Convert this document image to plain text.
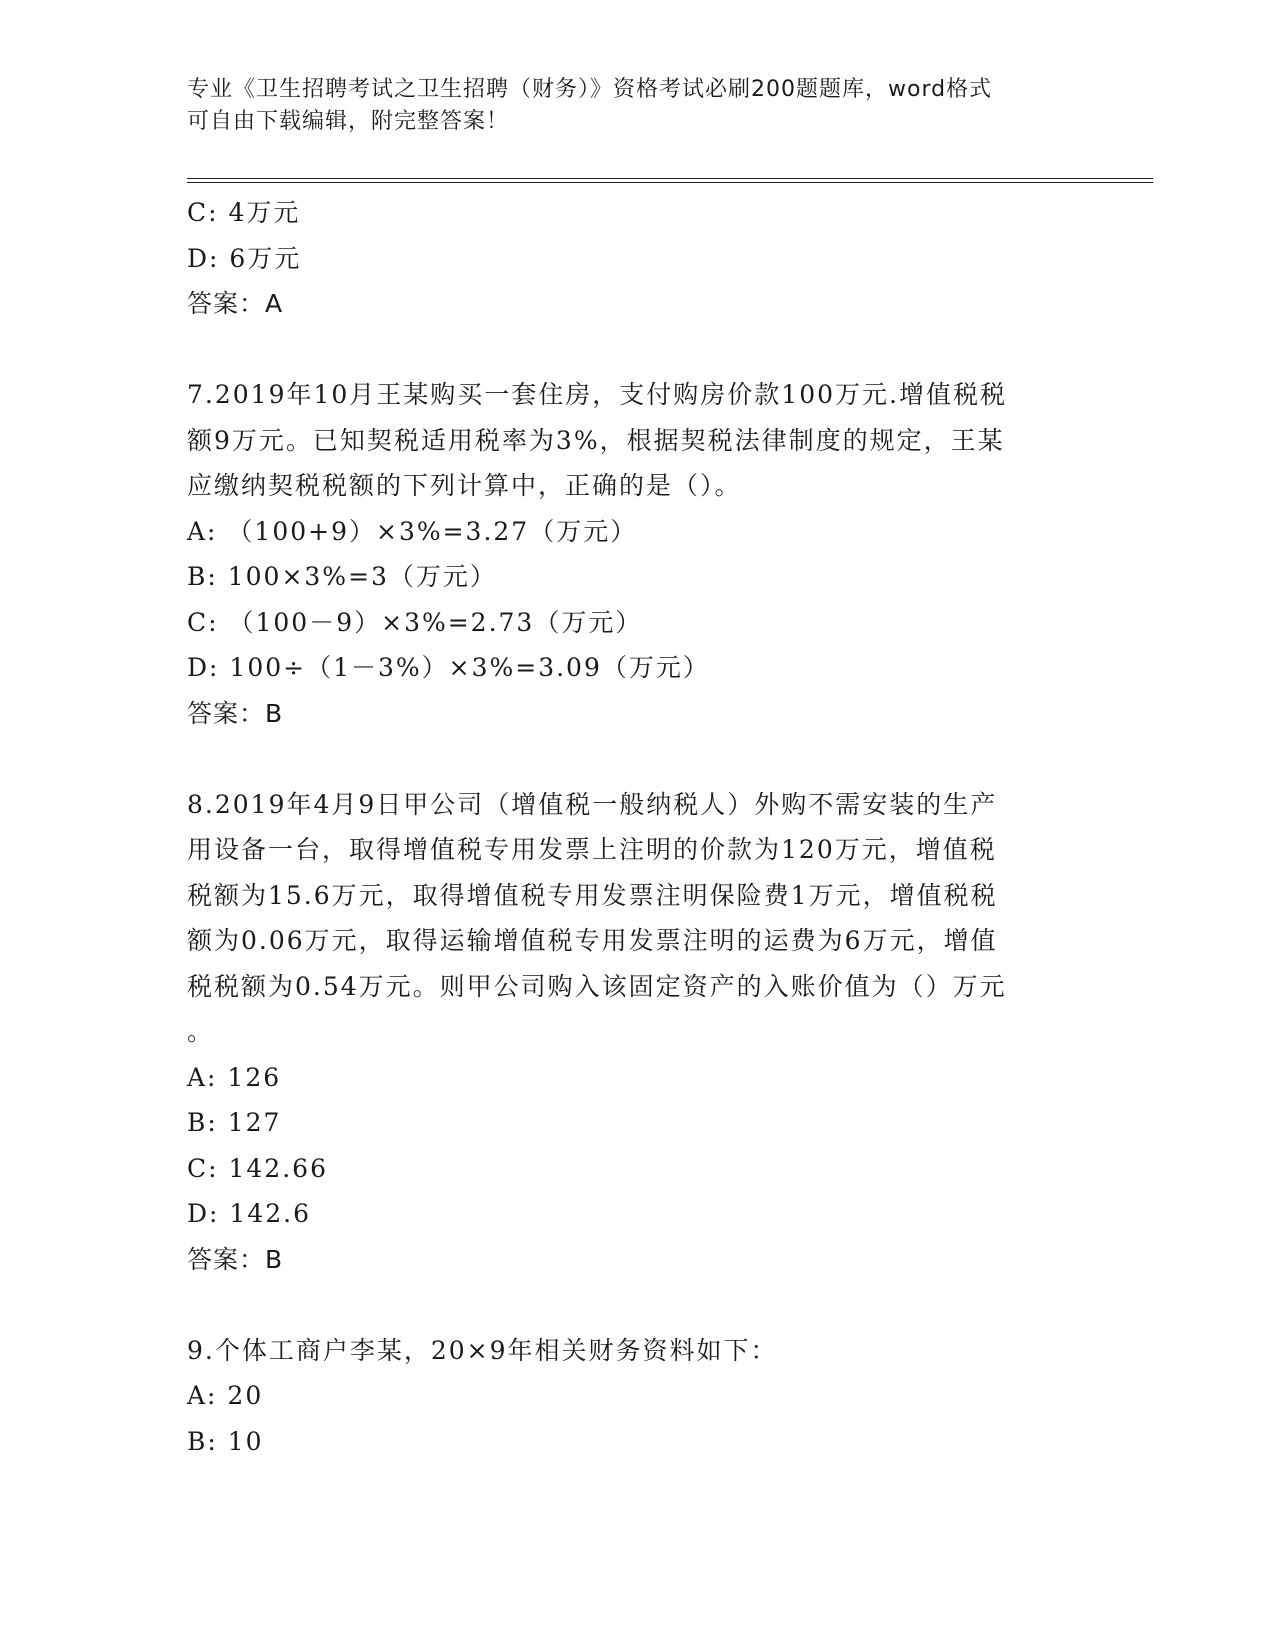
专业《卫生招聘考试之卫生招聘（财务）》资格考试必刷200题题库，word格式
可自由下载编辑，附完整答案！
C: 4万元
D: 6万元
答案：A
7.2019年10月王某购买一套住房，支付购房价款100万元.增值税税
额9万元。已知契税适用税率为3%，根据契税法律制度的规定，王某
应缴纳契税税额的下列计算中，正确的是（）。
A: （100+9）×3%=3.27（万元）
B: 100×3%=3（万元）
C: （100－9）×3%=2.73（万元）
D: 100÷（1－3%）×3%=3.09（万元）
答案：B
8.2019年4月9日甲公司（增值税一般纳税人）外购不需安装的生产
用设备一台，取得增值税专用发票上注明的价款为120万元，增值税
税额为15.6万元，取得增值税专用发票注明保险费1万元，增值税税
额为0.06万元，取得运输增值税专用发票注明的运费为6万元，增值
税税额为0.54万元。则甲公司购入该固定资产的入账价值为（）万元
。
A: 126
B: 127
C: 142.66
D: 142.6
答案：B
9.个体工商户李某，20×9年相关财务资料如下：
A: 20
B: 10
